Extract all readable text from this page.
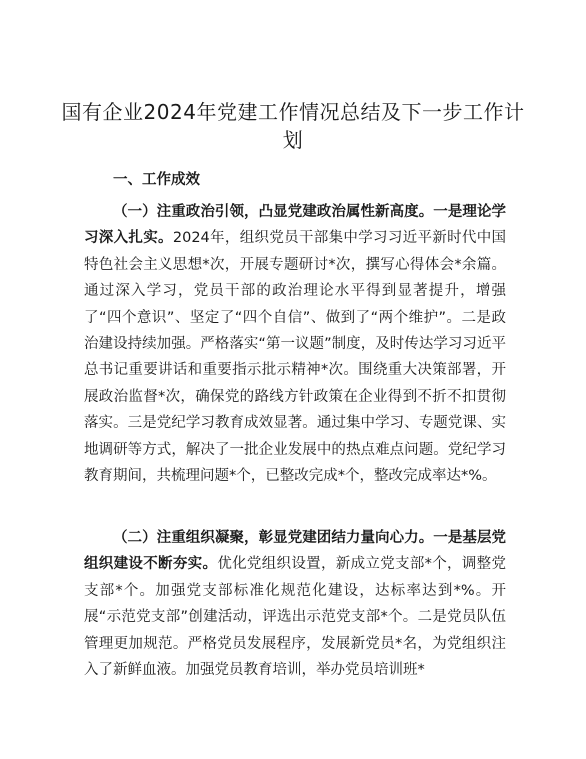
国有企业2024年党建工作情况总结及下一步工作计划
一、工作成效

（一）注重政治引领，凸显党建政治属性新高度。一是理论学习深入扎实。2024年，组织党员干部集中学习习近平新时代中国特色社会主义思想*次，开展专题研讨*次，撰写心得体会*余篇。通过深入学习，党员干部的政治理论水平得到显著提升，增强了“四个意识”、坚定了“四个自信”、做到了“两个维护”。二是政治建设持续加强。严格落实“第一议题”制度，及时传达学习习近平总书记重要讲话和重要指示批示精神*次。围绕重大决策部署，开展政治监督*次，确保党的路线方针政策在企业得到不折不扣贯彻落实。三是党纪学习教育成效显著。通过集中学习、专题党课、实地调研等方式，解决了一批企业发展中的热点难点问题。党纪学习教育期间，共梳理问题*个，已整改完成*个，整改完成率达*%。

（二）注重组织凝聚，彰显党建团结力量向心力。一是基层党组织建设不断夯实。优化党组织设置，新成立党支部*个，调整党支部*个。加强党支部标准化规范化建设，达标率达到*%。开展“示范党支部”创建活动，评选出示范党支部*个。二是党员队伍管理更加规范。严格党员发展程序，发展新党员*名，为党组织注入了新鲜血液。加强党员教育培训，举办党员培训班*
